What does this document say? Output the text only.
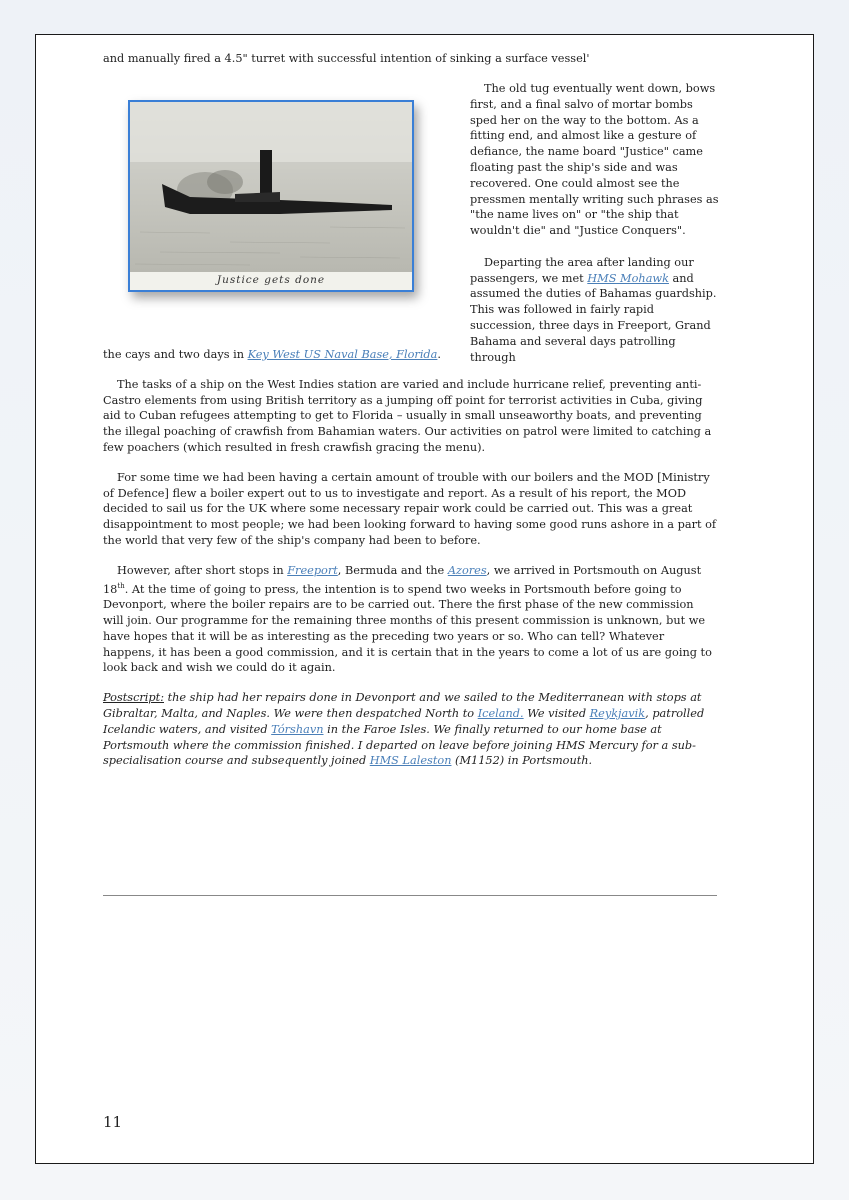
and manually fired a 4.5" turret with successful intention of sinking a surface vessel'

Justice gets done

The old tug eventually went down, bows first, and a final salvo of mortar bombs sped her on the way to the bottom. As a fitting end, and almost like a gesture of defiance, the name board "Justice" came floating past the ship's side and was recovered. One could almost see the pressmen mentally writing such phrases as "the name lives on" or "the ship that wouldn't die" and "Justice Conquers".

Departing the area after landing our passengers, we met HMS Mohawk and assumed the duties of Bahamas guardship. This was followed in fairly rapid succession, three days in Freeport, Grand Bahama and several days patrolling through

the cays and two days in Key West US Naval Base, Florida.

The tasks of a ship on the West Indies station are varied and include hurricane relief, preventing anti-Castro elements from using British territory as a jumping off point for terrorist activities in Cuba, giving aid to Cuban refugees attempting to get to Florida – usually in small unseaworthy boats, and preventing the illegal poaching of crawfish from Bahamian waters. Our activities on patrol were limited to catching a few poachers (which resulted in fresh crawfish gracing the menu).

For some time we had been having a certain amount of trouble with our boilers and the MOD [Ministry of Defence] flew a boiler expert out to us to investigate and report. As a result of his report, the MOD decided to sail us for the UK where some necessary repair work could be carried out. This was a great disappointment to most people; we had been looking forward to having some good runs ashore in a part of the world that very few of the ship's company had been to before.

However, after short stops in Freeport, Bermuda and the Azores, we arrived in Portsmouth on August 18th. At the time of going to press, the intention is to spend two weeks in Portsmouth before going to Devonport, where the boiler repairs are to be carried out. There the first phase of the new commission will join. Our programme for the remaining three months of this present commission is unknown, but we have hopes that it will be as interesting as the preceding two years or so. Who can tell? Whatever happens, it has been a good commission, and it is certain that in the years to come a lot of us are going to look back and wish we could do it again.

Postscript: the ship had her repairs done in Devonport and we sailed to the Mediterranean with stops at Gibraltar, Malta, and Naples. We were then despatched North to Iceland. We visited Reykjavik, patrolled Icelandic waters, and visited Tórshavn in the Faroe Isles. We finally returned to our home base at Portsmouth where the commission finished. I departed on leave before joining HMS Mercury for a sub-specialisation course and subsequently joined HMS Laleston (M1152) in Portsmouth.

11
